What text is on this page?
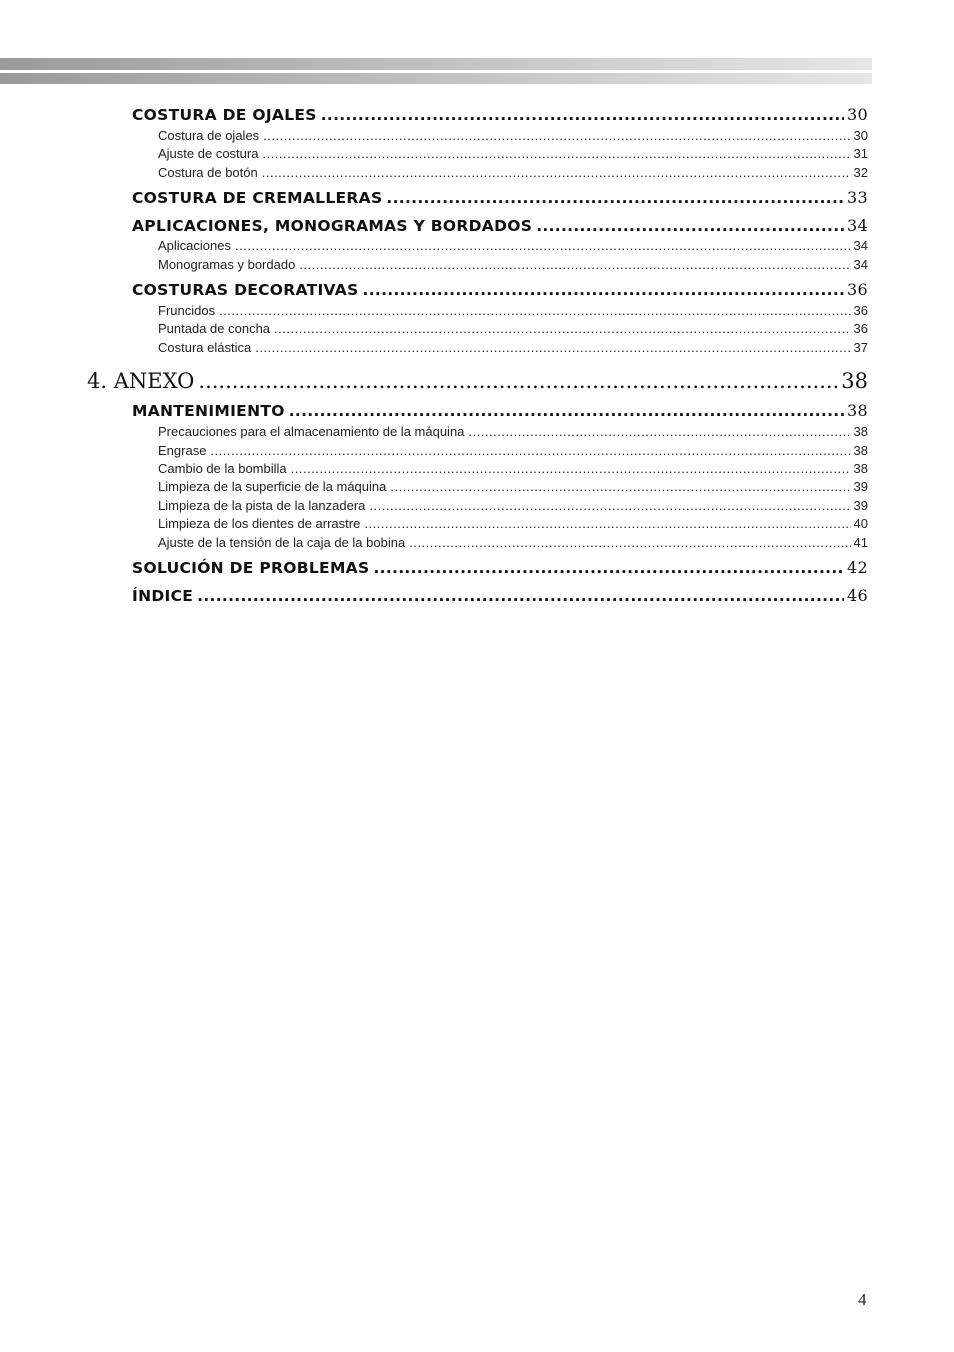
COSTURA DE OJALES .....	30
Costura de ojales .....	30
Ajuste de costura .....	31
Costura de botón .....	32
COSTURA DE CREMALLERAS .....	33
APLICACIONES, MONOGRAMAS Y BORDADOS .....	34
Aplicaciones .....	34
Monogramas y bordado .....	34
COSTURAS DECORATIVAS .....	36
Fruncidos .....	36
Puntada de concha .....	36
Costura elástica .....	37
4. ANEXO .....	38
MANTENIMIENTO .....	38
Precauciones para el almacenamiento de la máquina .....	38
Engrase .....	38
Cambio de la bombilla .....	38
Limpieza de la superficie de la máquina .....	39
Limpieza de la pista de la lanzadera .....	39
Limpieza de los dientes de arrastre .....	40
Ajuste de la tensión de la caja de la bobina .....	41
SOLUCIÓN DE PROBLEMAS .....	42
ÍNDICE .....	46
4
